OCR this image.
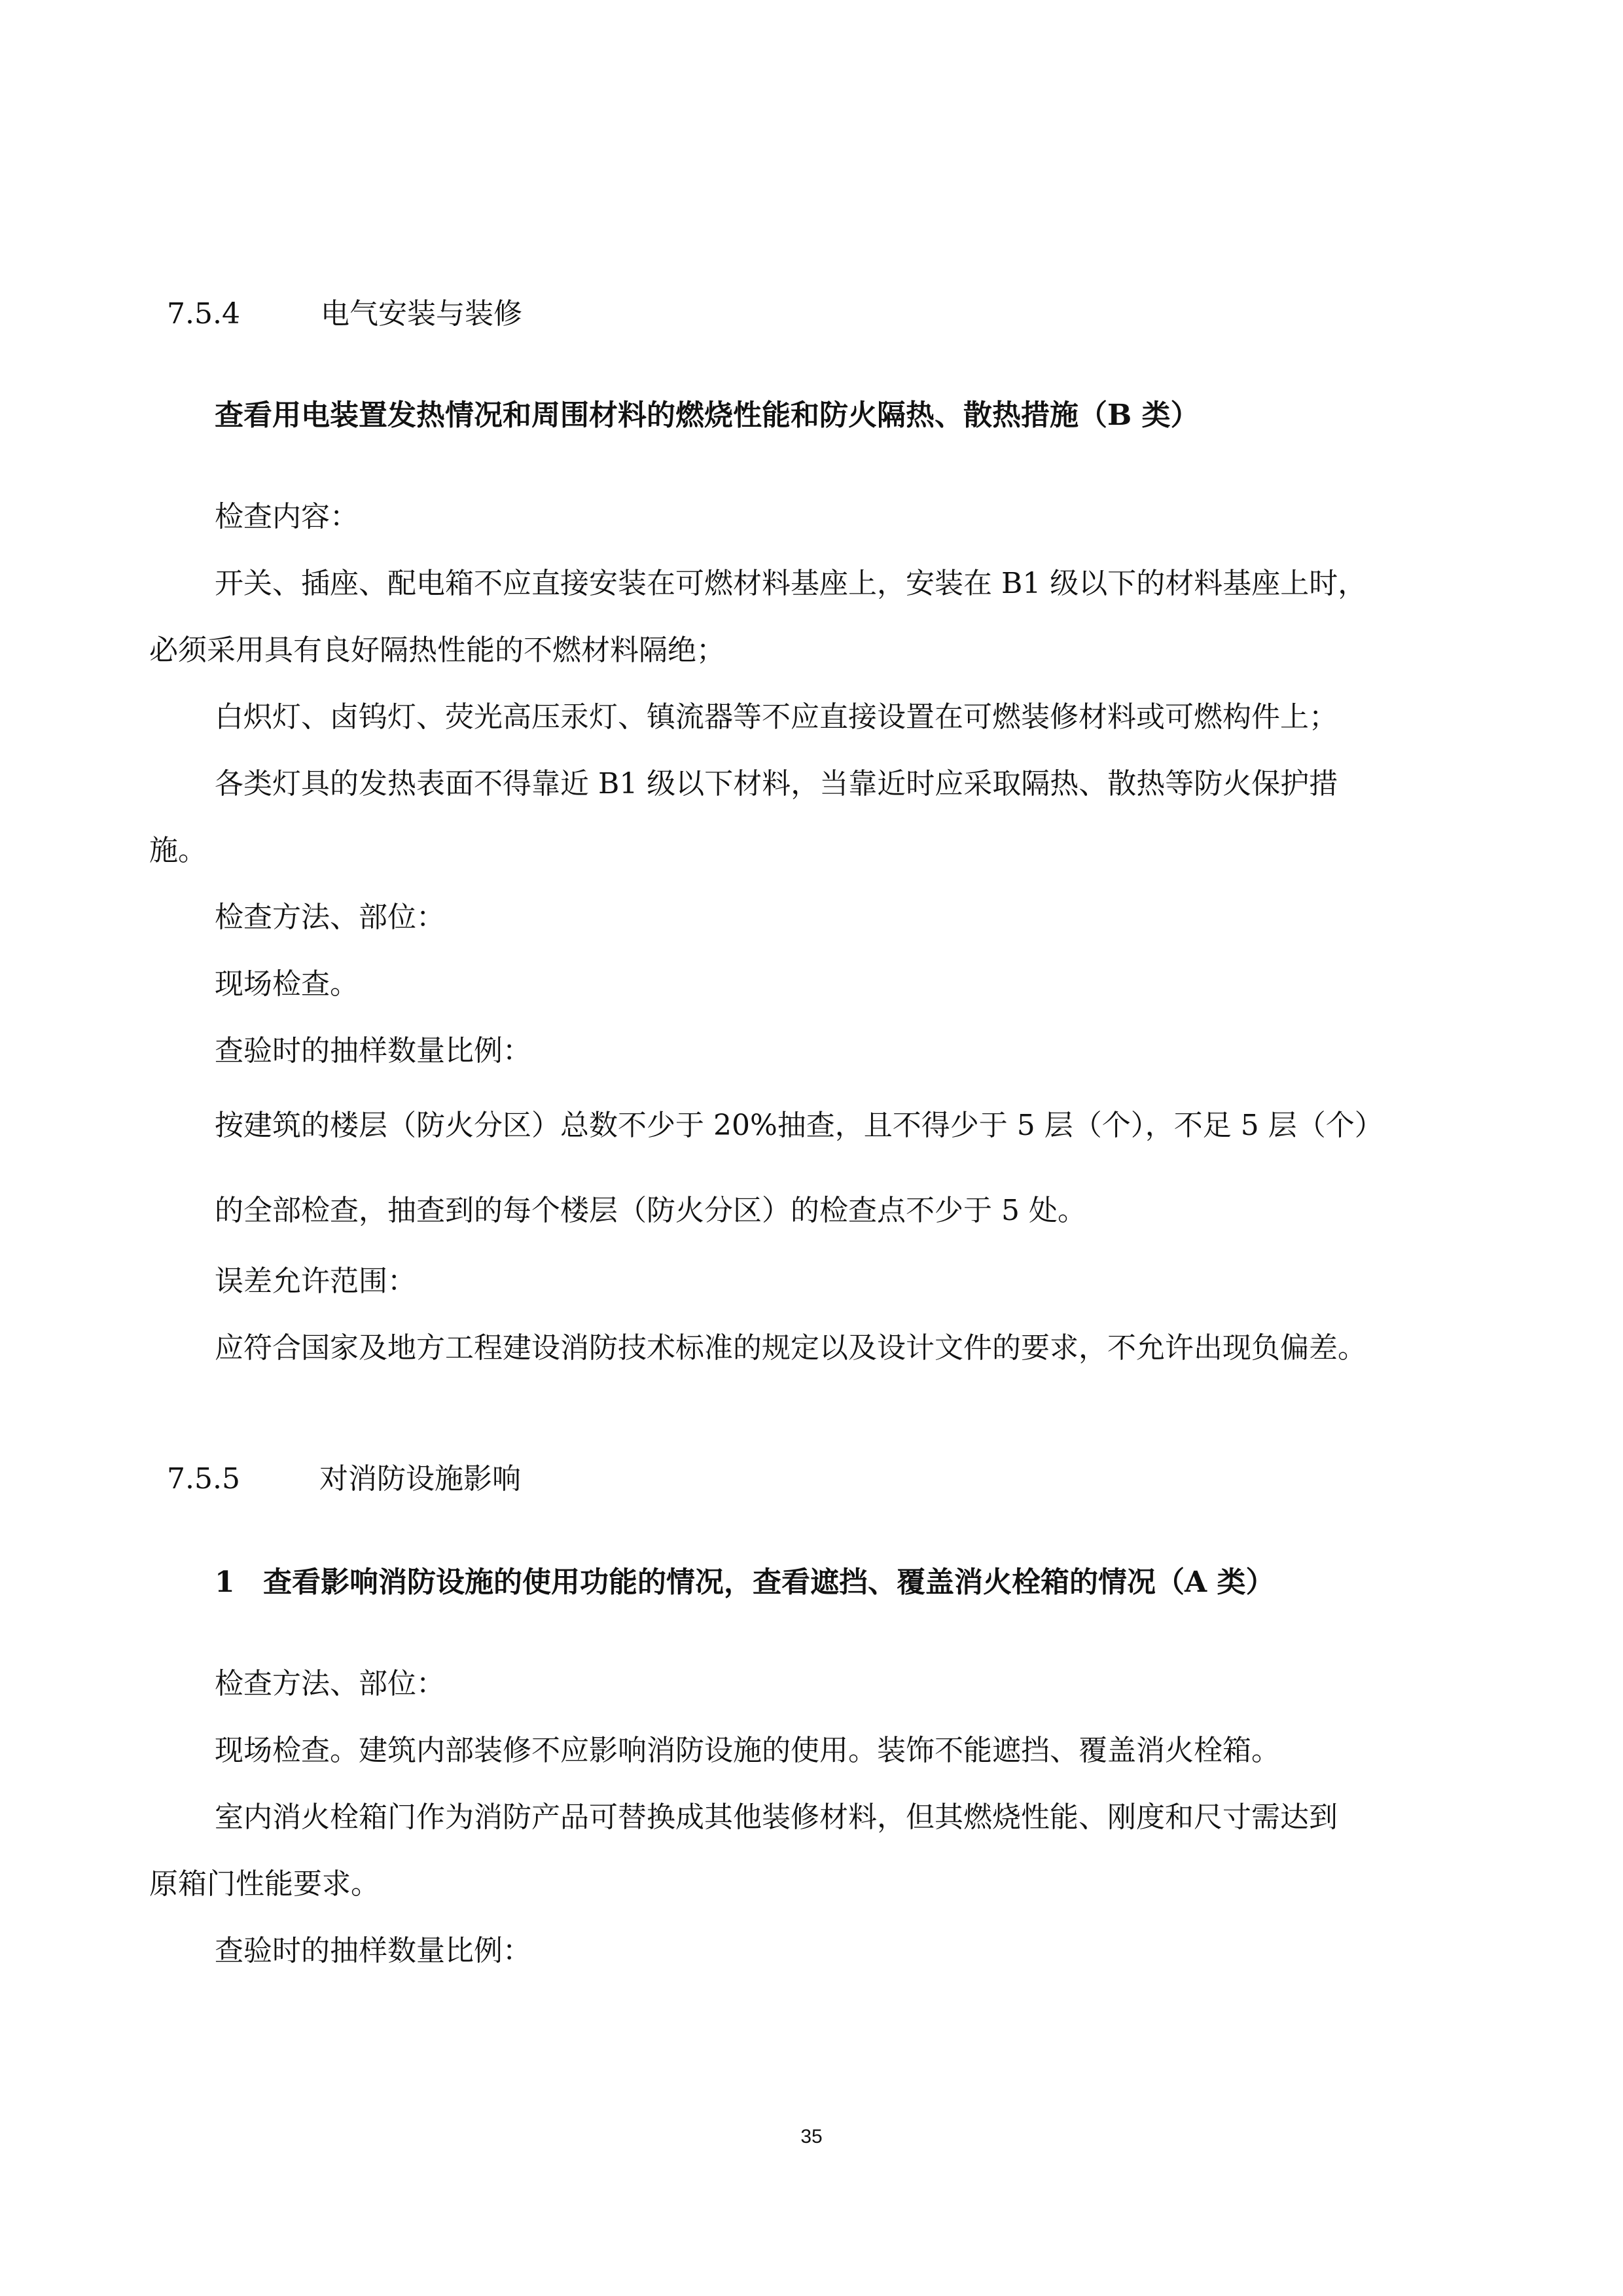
7.5.4	电气安装与装修
查看用电装置发热情况和周围材料的燃烧性能和防火隔热、散热措施（B 类）
检查内容：
开关、插座、配电箱不应直接安装在可燃材料基座上，安装在 B1 级以下的材料基座上时，
必须采用具有良好隔热性能的不燃材料隔绝；
白炽灯、卤钨灯、荧光高压汞灯、镇流器等不应直接设置在可燃装修材料或可燃构件上；
各类灯具的发热表面不得靠近 B1 级以下材料，当靠近时应采取隔热、散热等防火保护措
施。
检查方法、部位：
现场检查。
查验时的抽样数量比例：
按建筑的楼层（防火分区）总数不少于 20%抽查，且不得少于 5 层（个），不足 5 层（个）
的全部检查，抽查到的每个楼层（防火分区）的检查点不少于 5 处。
误差允许范围：
应符合国家及地方工程建设消防技术标准的规定以及设计文件的要求，不允许出现负偏差。
7.5.5	对消防设施影响
1 查看影响消防设施的使用功能的情况，查看遮挡、覆盖消火栓箱的情况（A 类）
检查方法、部位：
现场检查。建筑内部装修不应影响消防设施的使用。装饰不能遮挡、覆盖消火栓箱。
室内消火栓箱门作为消防产品可替换成其他装修材料，但其燃烧性能、刚度和尺寸需达到
原箱门性能要求。
查验时的抽样数量比例：
35
